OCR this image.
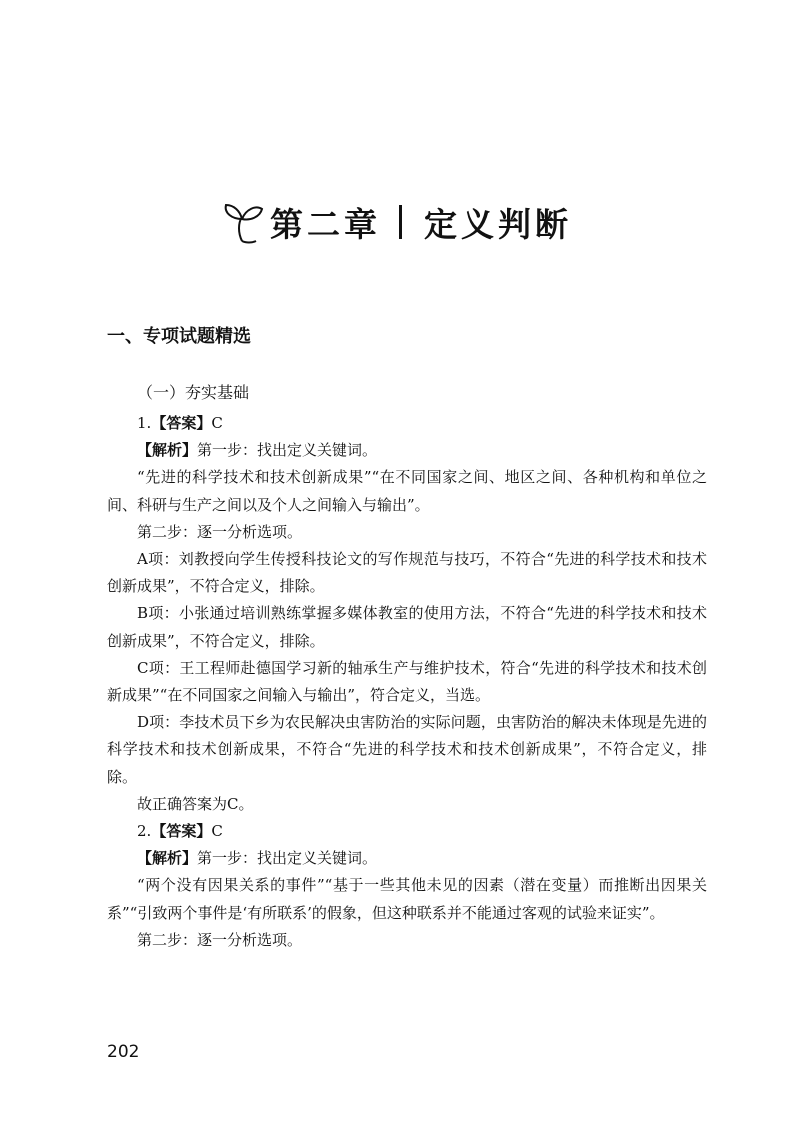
第二章 定义判断
一、专项试题精选
（一）夯实基础

1.【答案】C

【解析】第一步：找出定义关键词。

“先进的科学技术和技术创新成果”“在不同国家之间、地区之间、各种机构和单位之间、科研与生产之间以及个人之间输入与输出”。

第二步：逐一分析选项。

A项：刘教授向学生传授科技论文的写作规范与技巧，不符合“先进的科学技术和技术创新成果”，不符合定义，排除。

B项：小张通过培训熟练掌握多媒体教室的使用方法，不符合“先进的科学技术和技术创新成果”，不符合定义，排除。

C项：王工程师赴德国学习新的轴承生产与维护技术，符合“先进的科学技术和技术创新成果”“在不同国家之间输入与输出”，符合定义，当选。

D项：李技术员下乡为农民解决虫害防治的实际问题，虫害防治的解决未体现是先进的科学技术和技术创新成果，不符合“先进的科学技术和技术创新成果”，不符合定义，排除。

故正确答案为C。

2.【答案】C

【解析】第一步：找出定义关键词。

“两个没有因果关系的事件”“基于一些其他未见的因素（潜在变量）而推断出因果关系”“引致两个事件是‘有所联系’的假象，但这种联系并不能通过客观的试验来证实”。

第二步：逐一分析选项。

202
